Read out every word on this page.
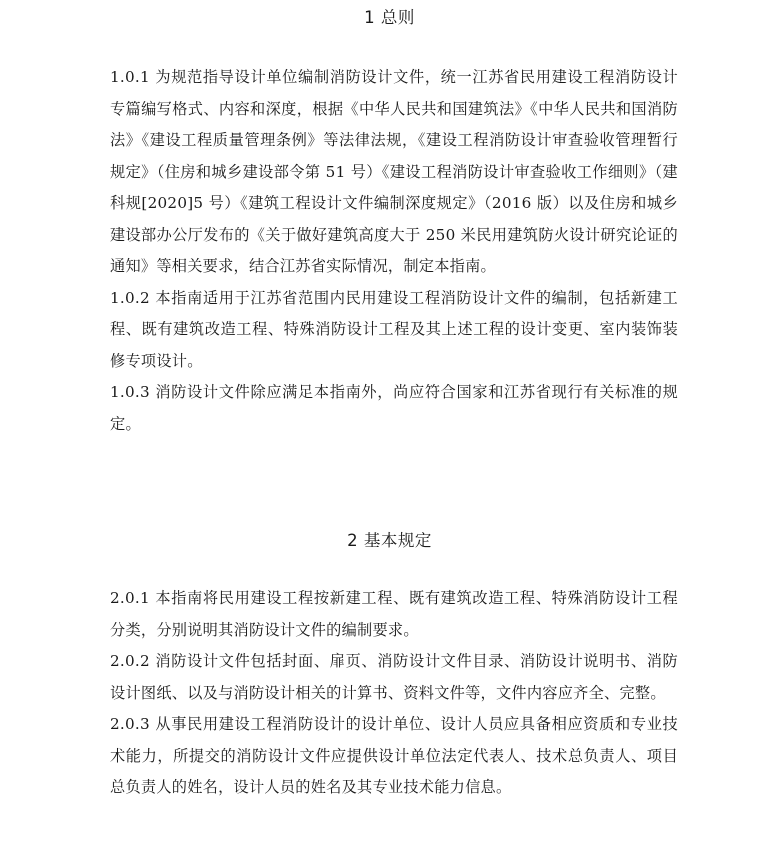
1 总则

1.0.1 为规范指导设计单位编制消防设计文件，统一江苏省民用建设工程消防设计专篇编写格式、内容和深度，根据《中华人民共和国建筑法》《中华人民共和国消防法》《建设工程质量管理条例》等法律法规，《建设工程消防设计审查验收管理暂行规定》（住房和城乡建设部令第 51 号）《建设工程消防设计审查验收工作细则》（建科规[2020]5 号）《建筑工程设计文件编制深度规定》（2016 版）以及住房和城乡建设部办公厅发布的《关于做好建筑高度大于 250 米民用建筑防火设计研究论证的通知》等相关要求，结合江苏省实际情况，制定本指南。

1.0.2 本指南适用于江苏省范围内民用建设工程消防设计文件的编制，包括新建工程、既有建筑改造工程、特殊消防设计工程及其上述工程的设计变更、室内装饰装修专项设计。

1.0.3 消防设计文件除应满足本指南外，尚应符合国家和江苏省现行有关标准的规定。

2 基本规定

2.0.1 本指南将民用建设工程按新建工程、既有建筑改造工程、特殊消防设计工程分类，分别说明其消防设计文件的编制要求。

2.0.2 消防设计文件包括封面、扉页、消防设计文件目录、消防设计说明书、消防设计图纸、以及与消防设计相关的计算书、资料文件等，文件内容应齐全、完整。

2.0.3 从事民用建设工程消防设计的设计单位、设计人员应具备相应资质和专业技术能力，所提交的消防设计文件应提供设计单位法定代表人、技术总负责人、项目总负责人的姓名，设计人员的姓名及其专业技术能力信息。
